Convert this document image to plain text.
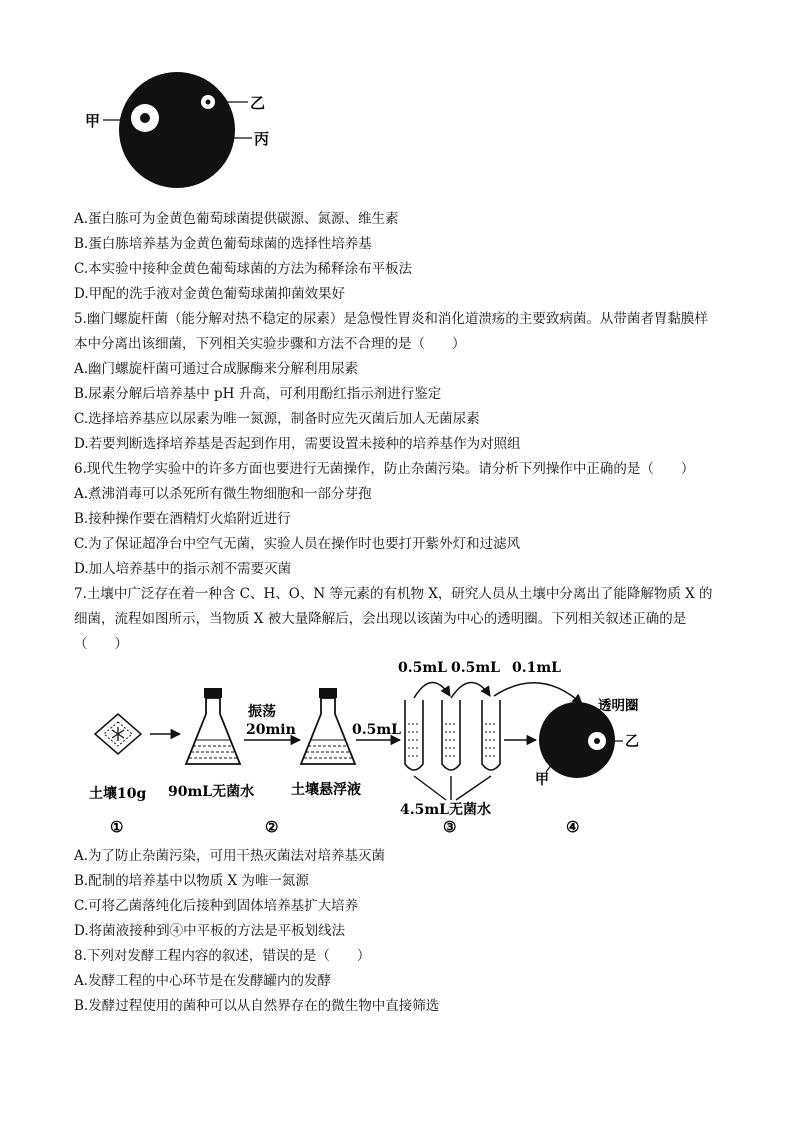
甲
乙
丙
A.蛋白胨可为金黄色葡萄球菌提供碳源、氮源、维生素
B.蛋白胨培养基为金黄色葡萄球菌的选择性培养基
C.本实验中接种金黄色葡萄球菌的方法为稀释涂布平板法
D.甲配的洗手液对金黄色葡萄球菌抑菌效果好
5.幽门螺旋杆菌（能分解对热不稳定的尿素）是急慢性胃炎和消化道溃疡的主要致病菌。从带菌者胃黏膜样
本中分离出该细菌，下列相关实验步骤和方法不合理的是（　　）
A.幽门螺旋杆菌可通过合成脲酶来分解利用尿素
B.尿素分解后培养基中 pH 升高，可利用酚红指示剂进行鉴定
C.选择培养基应以尿素为唯一氮源，制备时应先灭菌后加人无菌尿素
D.若要判断选择培养基是否起到作用，需要设置未接种的培养基作为对照组
6.现代生物学实验中的许多方面也要进行无菌操作，防止杂菌污染。请分析下列操作中正确的是（　　）
A.煮沸消毒可以杀死所有微生物细胞和一部分芽孢
B.接种操作要在酒精灯火焰附近进行
C.为了保证超净台中空气无菌，实验人员在操作时也要打开紫外灯和过滤风
D.加人培养基中的指示剂不需要灭菌
7.土壤中广泛存在着一种含 C、H、O、N 等元素的有机物 X，研究人员从土壤中分离出了能降解物质 X 的
细菌，流程如图所示，当物质 X 被大量降解后，会出现以该菌为中心的透明圈。下列相关叙述正确的是
（　　）
振荡
20min	0.5mL
0.5mL 0.5mL 0.1mL
透明圈
乙
甲
土壤10g 90mL无菌水	土壤悬浮液
4.5mL无菌水
①	②	③	④
A.为了防止杂菌污染，可用干热灭菌法对培养基灭菌
B.配制的培养基中以物质 X 为唯一氮源
C.可将乙菌落纯化后接种到固体培养基扩大培养
D.将菌液接种到④中平板的方法是平板划线法
8.下列对发酵工程内容的叙述，错误的是（　　）
A.发酵工程的中心环节是在发酵罐内的发酵
B.发酵过程使用的菌种可以从自然界存在的微生物中直接筛选
